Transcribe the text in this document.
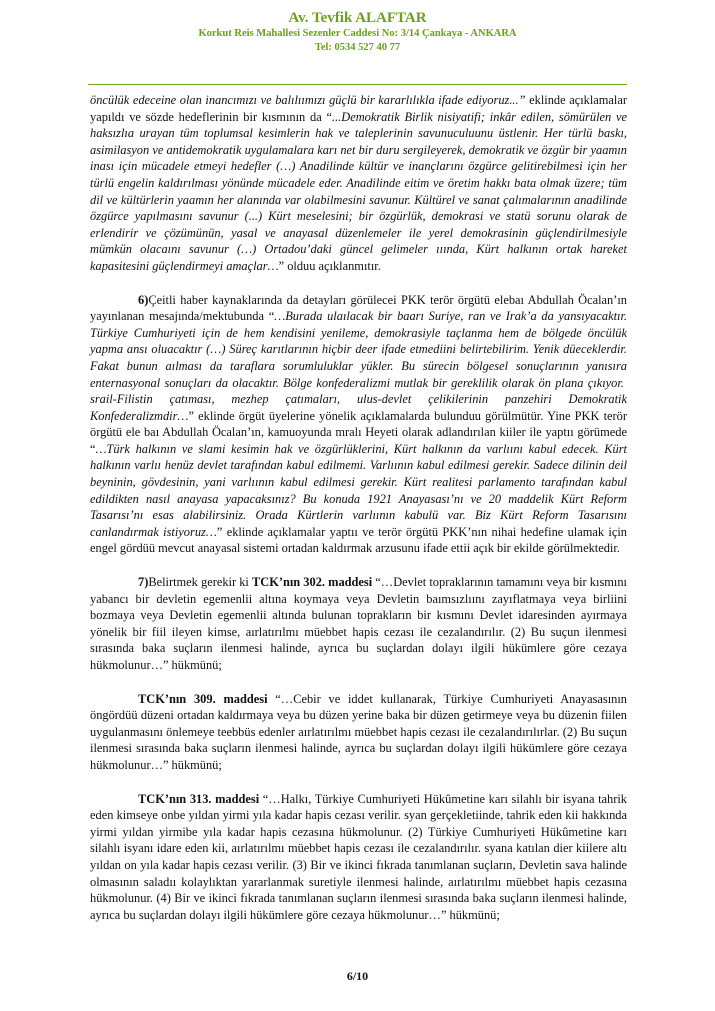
Av. Tevfik ALAFTAR
Korkut Reis Mahallesi Sezenler Caddesi No: 3/14 Çankaya - ANKARA
Tel: 0534 527 40 77

öncülük edeceine olan inancımızı ve balılıımızı güçlü bir kararlılıkla ifade ediyoruz...” eklinde açıklamalar yapıldı ve sözde hedeflerinin bir kısmının da “...Demokratik Birlik nisiyatifi; inkâr edilen, sömürülen ve haksızlıa urayan tüm toplumsal kesimlerin hak ve taleplerinin savunuculuunu üstlenir. Her türlü baskı, asimilasyon ve antidemokratik uygulamalara karı net bir duru sergileyerek, demokratik ve özgür bir yaamın inası için mücadele etmeyi hedefler (…) Anadilinde kültür ve inançlarını özgürce gelitirebilmesi için her türlü engelin kaldırılması yönünde mücadele eder. Anadilinde eitim ve öretim hakkı bata olmak üzere; tüm dil ve kültürlerin yaamın her alanında var olabilmesini savunur. Kültürel ve sanat çalımalarının anadilinde özgürce yapılmasını savunur (...) Kürt meselesini; bir özgürlük, demokrasi ve statü sorunu olarak deerlendirir ve çözümünün, yasal ve anayasal düzenlemeler ile yerel demokrasinin güçlendirilmesiyle mümkün olacaını savunur (…) Ortadou’daki güncel gelimeler ııında, Kürt halkının ortak hareket kapasitesini güçlendirmeyi amaçlar…” olduu açıklanmıtır.

6)Çeitli haber kaynaklarında da detayları görülecei PKK terör örgütü elebaı Abdullah Öcalan’ın yayınlanan mesajında/mektubunda “…Burada ulaılacak bir baarı Suriye, ran ve Irak’a da yansıyacaktır. Türkiye Cumhuriyeti için de hem kendisini yenileme, demokrasiyle taçlanma hem de bölgede öncülük yapma ansı oluacaktır (…) Süreç karıtlarının hiçbir deer ifade etmediini belirtebilirim. Yenik düeceklerdir. Fakat bunun aılması da taraflara sorumluluklar yükler. Bu sürecin bölgesel sonuçlarının yanısıra enternasyonal sonuçları da olacaktır. Bölge konfederalizmi mutlak bir gereklilik olarak ön plana çıkıyor. srail-Filistin çatıması, mezhep çatımaları, ulus-devlet çelikilerinin panzehiri Demokratik Konfederalizmdir…” eklinde örgüt üyelerine yönelik açıklamalarda bulunduu görülmütür. Yine PKK terör örgütü ele baı Abdullah Öcalan’ın, kamuoyunda mralı Heyeti olarak adlandırılan kiiler ile yaptıı görümede “…Türk halkının ve slami kesimin hak ve özgürlüklerini, Kürt halkının da varlıını kabul edecek. Kürt halkının varlıı henüz devlet tarafından kabul edilmemi. Varlıının kabul edilmesi gerekir. Sadece dilinin deil beyninin, gövdesinin, yani varlıının kabul edilmesi gerekir. Kürt realitesi parlamento tarafından kabul edildikten nasıl anayasa yapacaksınız? Bu konuda 1921 Anayasası’nı ve 20 maddelik Kürt Reform Tasarısı’nı esas alabilirsiniz. Orada Kürtlerin varlıının kabulü var. Biz Kürt Reform Tasarısını canlandırmak istiyoruz…” eklinde açıklamalar yaptıı ve terör örgütü PKK’nın nihai hedefine ulamak için engel gördüü mevcut anayasal sistemi ortadan kaldırmak arzusunu ifade ettii açık bir ekilde görülmektedir.

7)Belirtmek gerekir ki TCK’nın 302. maddesi “…Devlet topraklarının tamamını veya bir kısmını yabancı bir devletin egemenlii altına koymaya veya Devletin baımsızlıını zayıflatmaya veya birliini bozmaya veya Devletin egemenlii altında bulunan toprakların bir kısmını Devlet idaresinden ayırmaya yönelik bir fiil ileyen kimse, aırlatırılmı müebbet hapis cezası ile cezalandırılır. (2) Bu suçun ilenmesi sırasında baka suçların ilenmesi halinde, ayrıca bu suçlardan dolayı ilgili hükümlere göre cezaya hükmolunur…” hükmünü;

TCK’nın 309. maddesi “…Cebir ve iddet kullanarak, Türkiye Cumhuriyeti Anayasasının öngördüü düzeni ortadan kaldırmaya veya bu düzen yerine baka bir düzen getirmeye veya bu düzenin fiilen uygulanmasını önlemeye teebbüs edenler aırlatırılmı müebbet hapis cezası ile cezalandırılırlar. (2) Bu suçun ilenmesi sırasında baka suçların ilenmesi halinde, ayrıca bu suçlardan dolayı ilgili hükümlere göre cezaya hükmolunur…” hükmünü;

TCK’nın 313. maddesi “…Halkı, Türkiye Cumhuriyeti Hükûmetine karı silahlı bir isyana tahrik eden kimseye onbe yıldan yirmi yıla kadar hapis cezası verilir. syan gerçekletiinde, tahrik eden kii hakkında yirmi yıldan yirmibe yıla kadar hapis cezasına hükmolunur. (2) Türkiye Cumhuriyeti Hükûmetine karı silahlı isyanı idare eden kii, aırlatırılmı müebbet hapis cezası ile cezalandırılır. syana katılan dier kiilere altı yıldan on yıla kadar hapis cezası verilir. (3) Bir ve ikinci fıkrada tanımlanan suçların, Devletin sava halinde olmasının saladıı kolaylıktan yararlanmak suretiyle ilenmesi halinde, aırlatırılmı müebbet hapis cezasına hükmolunur. (4) Bir ve ikinci fıkrada tanımlanan suçların ilenmesi sırasında baka suçların ilenmesi halinde, ayrıca bu suçlardan dolayı ilgili hükümlere göre cezaya hükmolunur…” hükmünü;

6/10
